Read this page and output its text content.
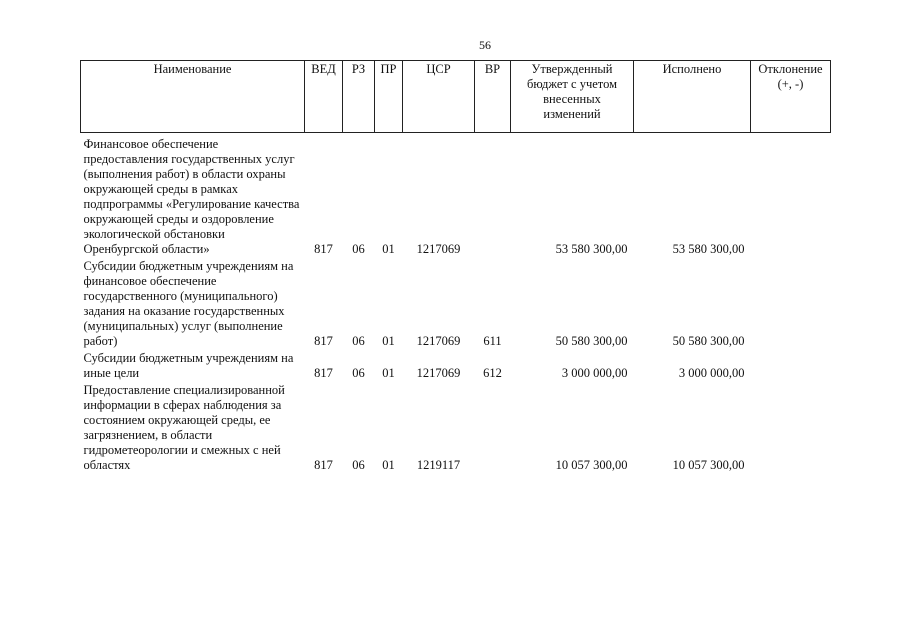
56
Наименование	ВЕД	РЗ	ПР	ЦСР	ВР	Утвержденный бюджет с учетом внесенных изменений	Исполнено	Отклонение (+, -)

Финансовое обеспечение предоставления государственных услуг (выполнения работ) в области охраны окружающей среды в рамках подпрограммы «Регулирование качества окружающей среды и оздоровление экологической обстановки Оренбургской области»	817	06	01	1217069		53 580 300,00	53 580 300,00	
Субсидии бюджетным учреждениям на финансовое обеспечение государственного (муниципального) задания на оказание государственных (муниципальных) услуг (выполнение работ)	817	06	01	1217069	611	50 580 300,00	50 580 300,00	
Субсидии бюджетным учреждениям на иные цели	817	06	01	1217069	612	3 000 000,00	3 000 000,00	
Предоставление специализированной информации в сферах наблюдения за состоянием окружающей среды, ее загрязнением, в области гидрометеорологии и смежных с ней областях	817	06	01	1219117		10 057 300,00	10 057 300,00	
